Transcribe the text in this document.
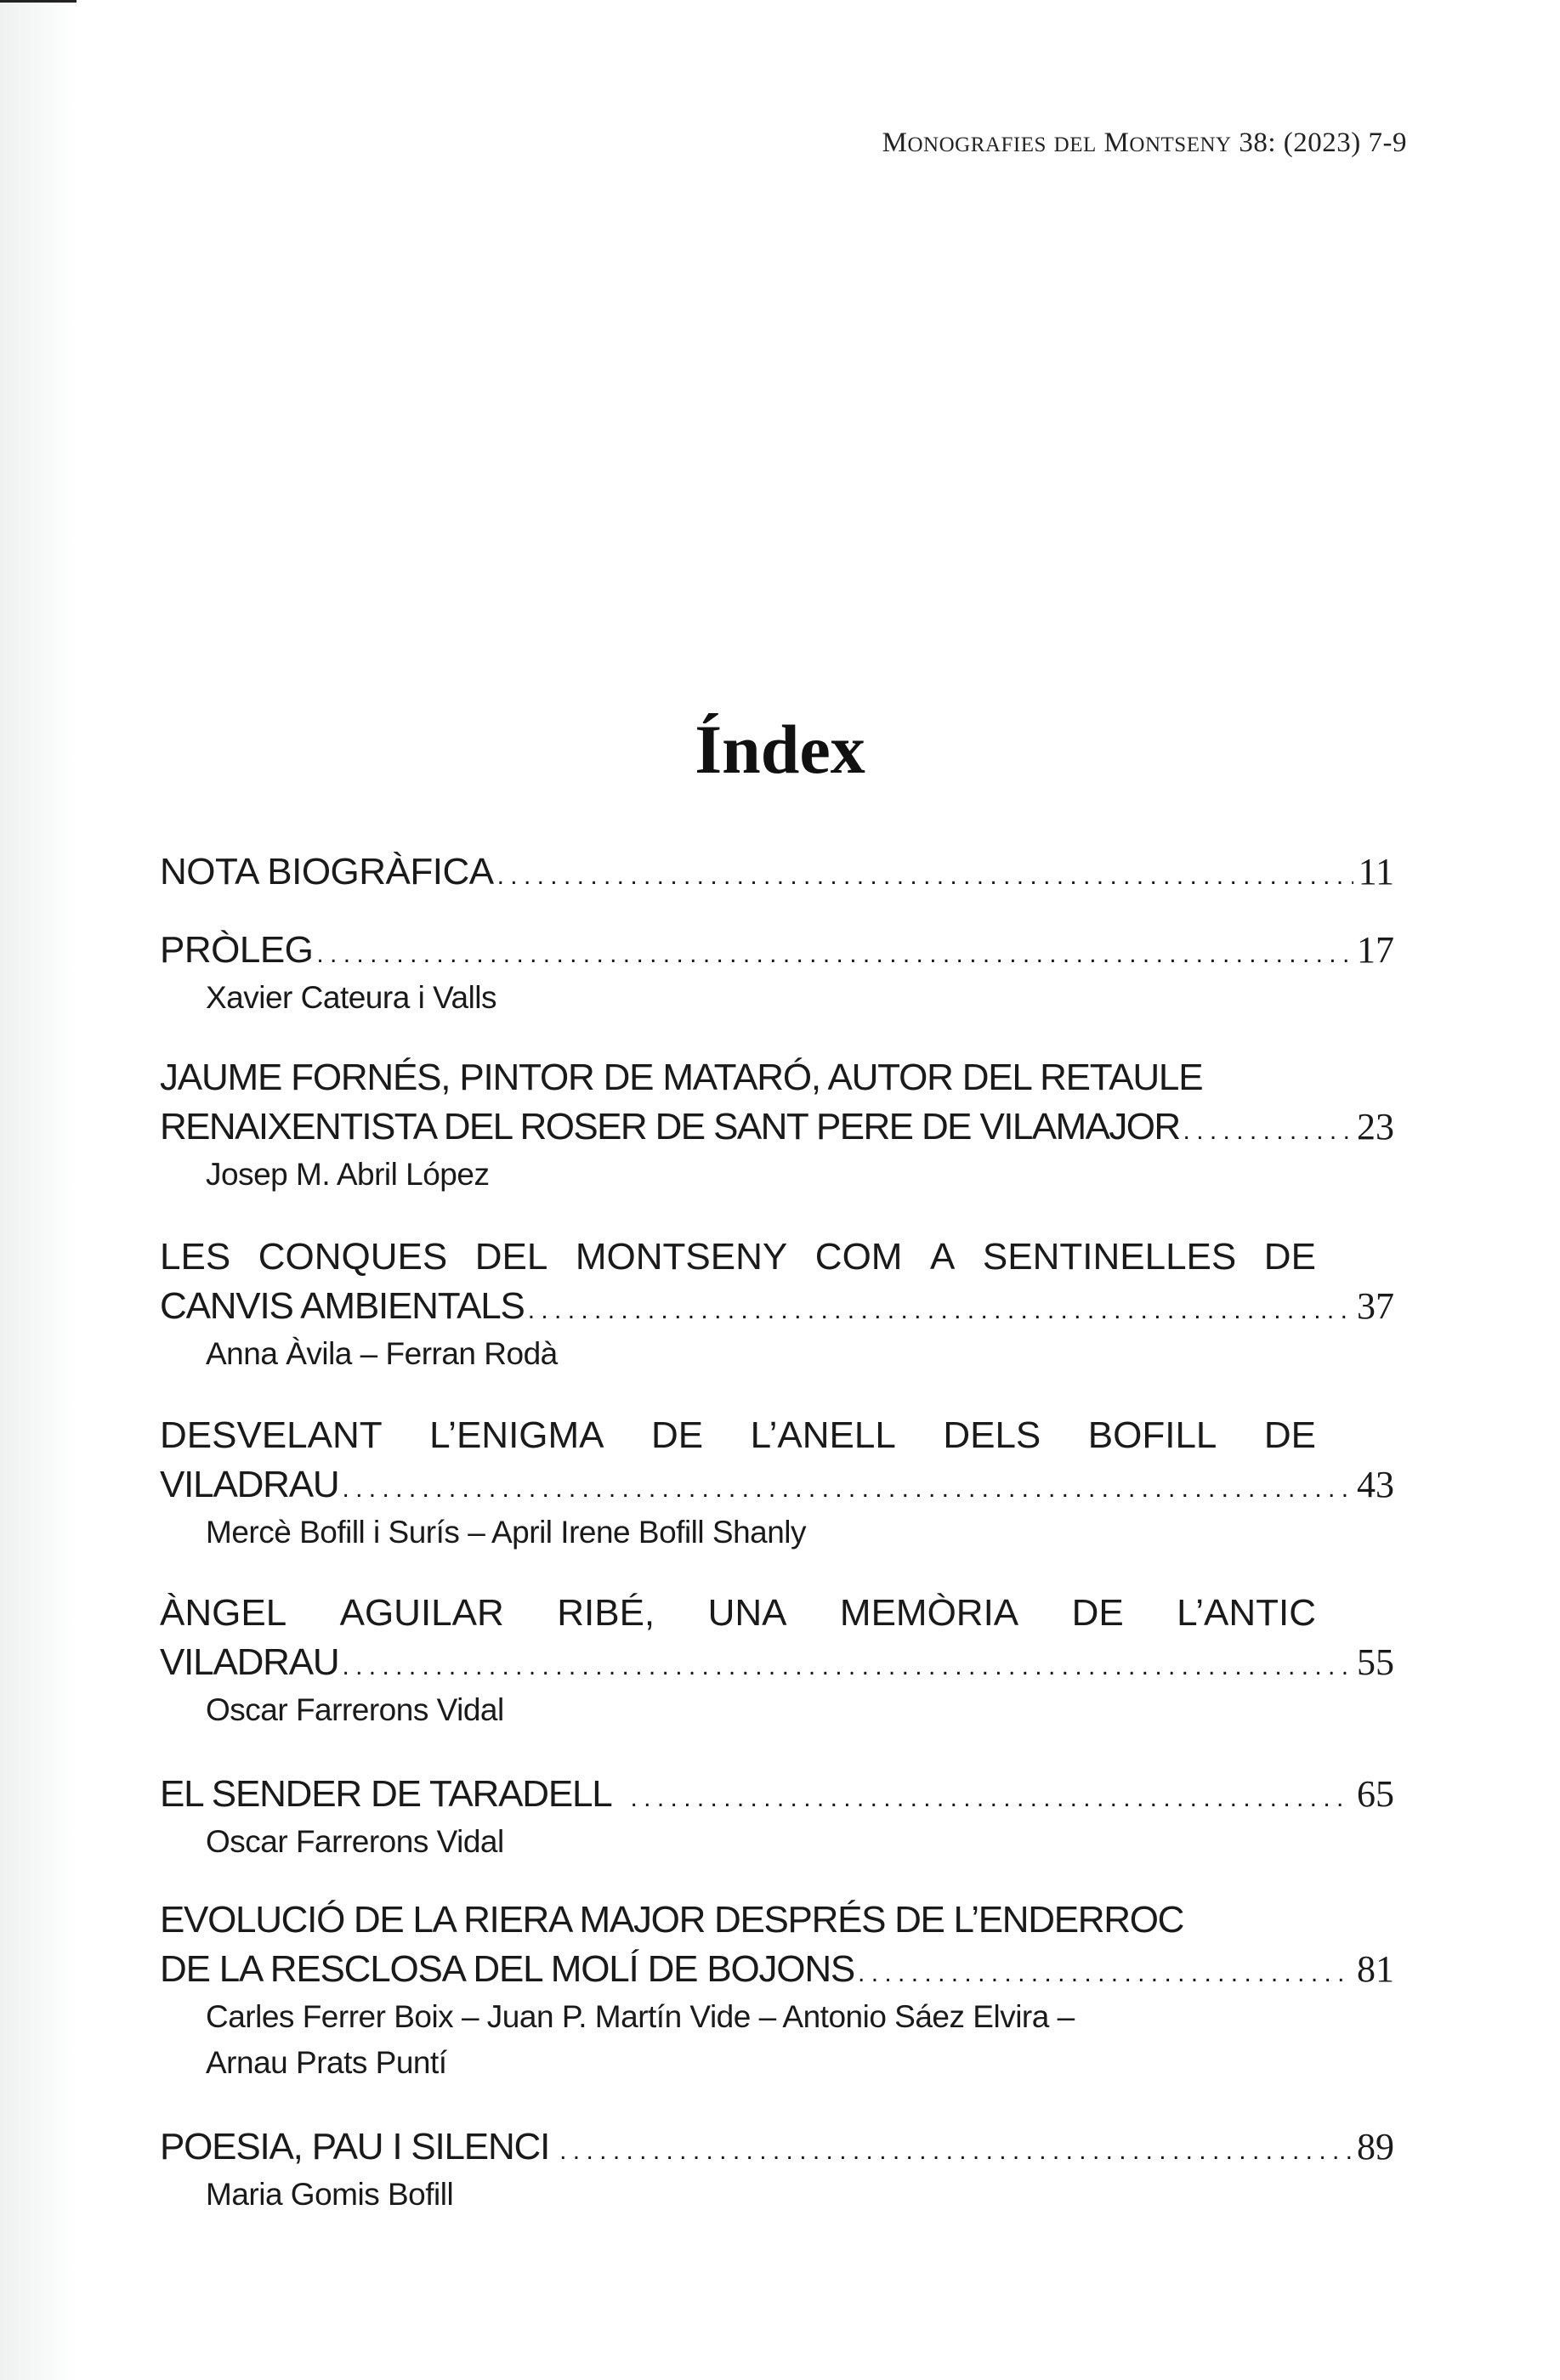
MONOGRAFIES DEL MONTSENY 38: (2023) 7-9
Índex
NOTA BIOGRÀFICA . . .	11
PRÒLEG . . .	17
Xavier Cateura i Valls
JAUME FORNÉS, PINTOR DE MATARÓ, AUTOR DEL RETAULE
RENAIXENTISTA DEL ROSER DE SANT PERE DE VILAMAJOR . . .	23
Josep M. Abril López
LES CONQUES DEL MONTSENY COM A SENTINELLES DE
CANVIS AMBIENTALS . . .	37
Anna Àvila – Ferran Rodà
DESVELANT L’ENIGMA DE L’ANELL DELS BOFILL DE
VILADRAU . . .	43
Mercè Bofill i Surís – April Irene Bofill Shanly
ÀNGEL AGUILAR RIBÉ, UNA MEMÒRIA DE L’ANTIC
VILADRAU . . .	55
Oscar Farrerons Vidal
EL SENDER DE TARADELL . . .	65
Oscar Farrerons Vidal
EVOLUCIÓ DE LA RIERA MAJOR DESPRÉS DE L’ENDERROC
DE LA RESCLOSA DEL MOLÍ DE BOJONS . . .	81
Carles Ferrer Boix – Juan P. Martín Vide – Antonio Sáez Elvira –
Arnau Prats Puntí
POESIA, PAU I SILENCI . . .	89
Maria Gomis Bofill
